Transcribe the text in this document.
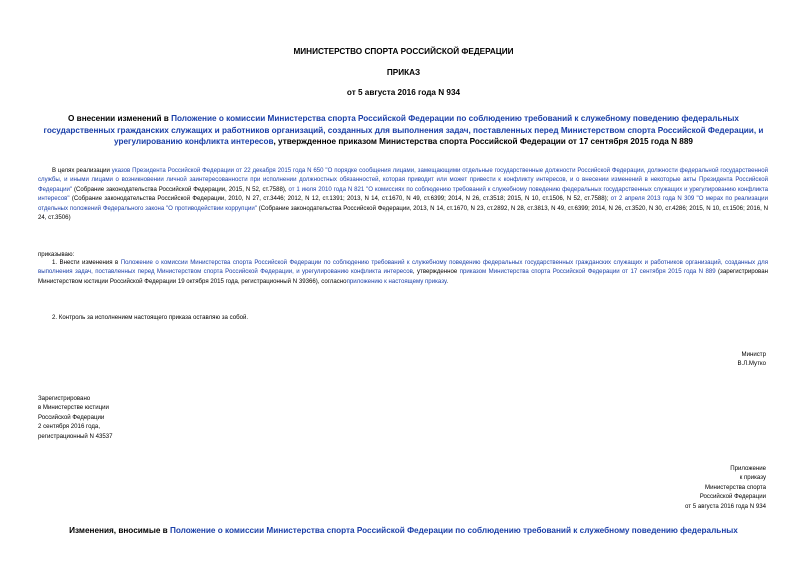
МИНИСТЕРСТВО СПОРТА РОССИЙСКОЙ ФЕДЕРАЦИИ
ПРИКАЗ
от 5 августа 2016 года N 934
О внесении изменений в Положение о комиссии Министерства спорта Российской Федерации по соблюдению требований к служебному поведению федеральных государственных гражданских служащих и работников организаций, созданных для выполнения задач, поставленных перед Министерством спорта Российской Федерации, и урегулированию конфликта интересов, утвержденное приказом Министерства спорта Российской Федерации от 17 сентября 2015 года N 889
В целях реализации указов Президента Российской Федерации от 22 декабря 2015 года N 650 "О порядке сообщения лицами, замещающими отдельные государственные должности Российской Федерации, должности федеральной государственной службы, и иными лицами о возникновении личной заинтересованности при исполнении должностных обязанностей, которая приводит или может привести к конфликту интересов, и о внесении изменений в некоторые акты Президента Российской Федерации" (Собрание законодательства Российской Федерации, 2015, N 52, ст.7588), от 1 июля 2010 года N 821 "О комиссиях по соблюдению требований к служебному поведению федеральных государственных служащих и урегулированию конфликта интересов" (Собрание законодательства Российской Федерации, 2010, N 27, ст.3446; 2012, N 12, ст.1391; 2013, N 14, ст.1670, N 49, ст.6399; 2014, N 26, ст.3518; 2015, N 10, ст.1506, N 52, ст.7588); от 2 апреля 2013 года N 309 "О мерах по реализации отдельных положений Федерального закона "О противодействии коррупции" (Собрание законодательства Российской Федерации, 2013, N 14, ст.1670, N 23, ст.2892, N 28, ст.3813, N 49, ст.6399; 2014, N 26, ст.3520, N 30, ст.4286; 2015, N 10, ст.1506; 2016, N 24, ст.3506)
приказываю:
1. Внести изменения в Положение о комиссии Министерства спорта Российской Федерации по соблюдению требований к служебному поведению федеральных государственных гражданских служащих и работников организаций, созданных для выполнения задач, поставленных перед Министерством спорта Российской Федерации, и урегулированию конфликта интересов, утвержденное приказом Министерства спорта Российской Федерации от 17 сентября 2015 года N 889 (зарегистрирован Министерством юстиции Российской Федерации 19 октября 2015 года, регистрационный N 39366), согласноприложению к настоящему приказу.
2. Контроль за исполнением настоящего приказа оставляю за собой.
Министр
В.Л.Мутко
Зарегистрировано
в Министерстве юстиции
Российской Федерации
2 сентября 2016 года,
регистрационный N 43537
Приложение
к приказу
Министерства спорта
Российской Федерации
от 5 августа 2016 года N 934
Изменения, вносимые в Положение о комиссии Министерства спорта Российской Федерации по соблюдению требований к служебному поведению федеральных
